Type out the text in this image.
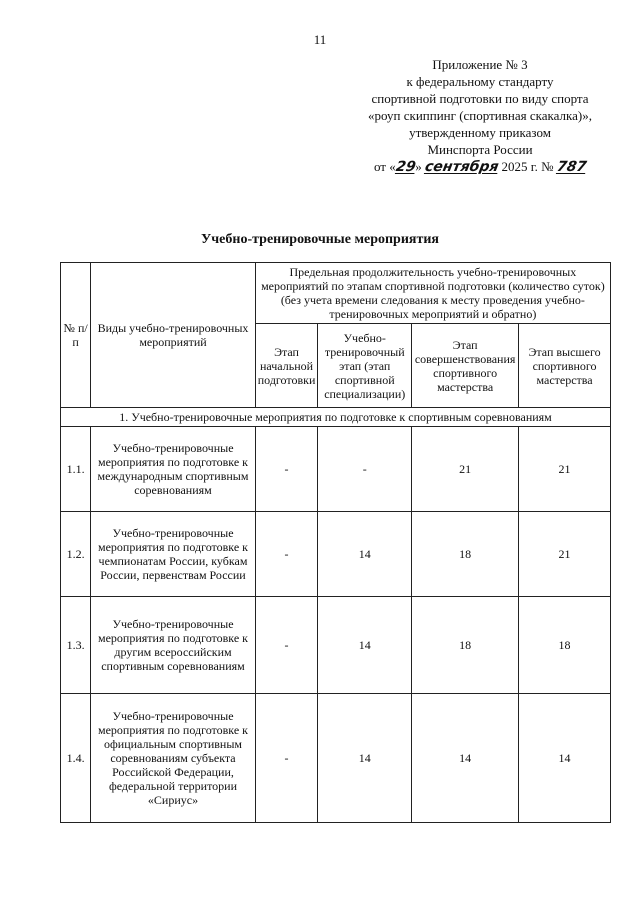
11
Приложение № 3
к федеральному стандарту
спортивной подготовки по виду спорта
«роуп скиппинг (спортивная скакалка)»,
утвержденному приказом
Минспорта России
от «29» сентября 2025 г. № 787
Учебно-тренировочные мероприятия
№ п/п	Виды учебно-тренировочных мероприятий	Предельная продолжительность учебно-тренировочных мероприятий по этапам спортивной подготовки (количество суток) (без учета времени следования к месту проведения учебно-тренировочных мероприятий и обратно)			
		Этап начальной подготовки	Учебно-тренировочный этап (этап спортивной специализации)	Этап совершенствования спортивного мастерства	Этап высшего спортивного мастерства
1. Учебно-тренировочные мероприятия по подготовке к спортивным соревнованиям					
1.1.	Учебно-тренировочные мероприятия по подготовке к международным спортивным соревнованиям	-	-	21	21
1.2.	Учебно-тренировочные мероприятия по подготовке к чемпионатам России, кубкам России, первенствам России	-	14	18	21
1.3.	Учебно-тренировочные мероприятия по подготовке к другим всероссийским спортивным соревнованиям	-	14	18	18
1.4.	Учебно-тренировочные мероприятия по подготовке к официальным спортивным соревнованиям субъекта Российской Федерации, федеральной территории «Сириус»	-	14	14	14
